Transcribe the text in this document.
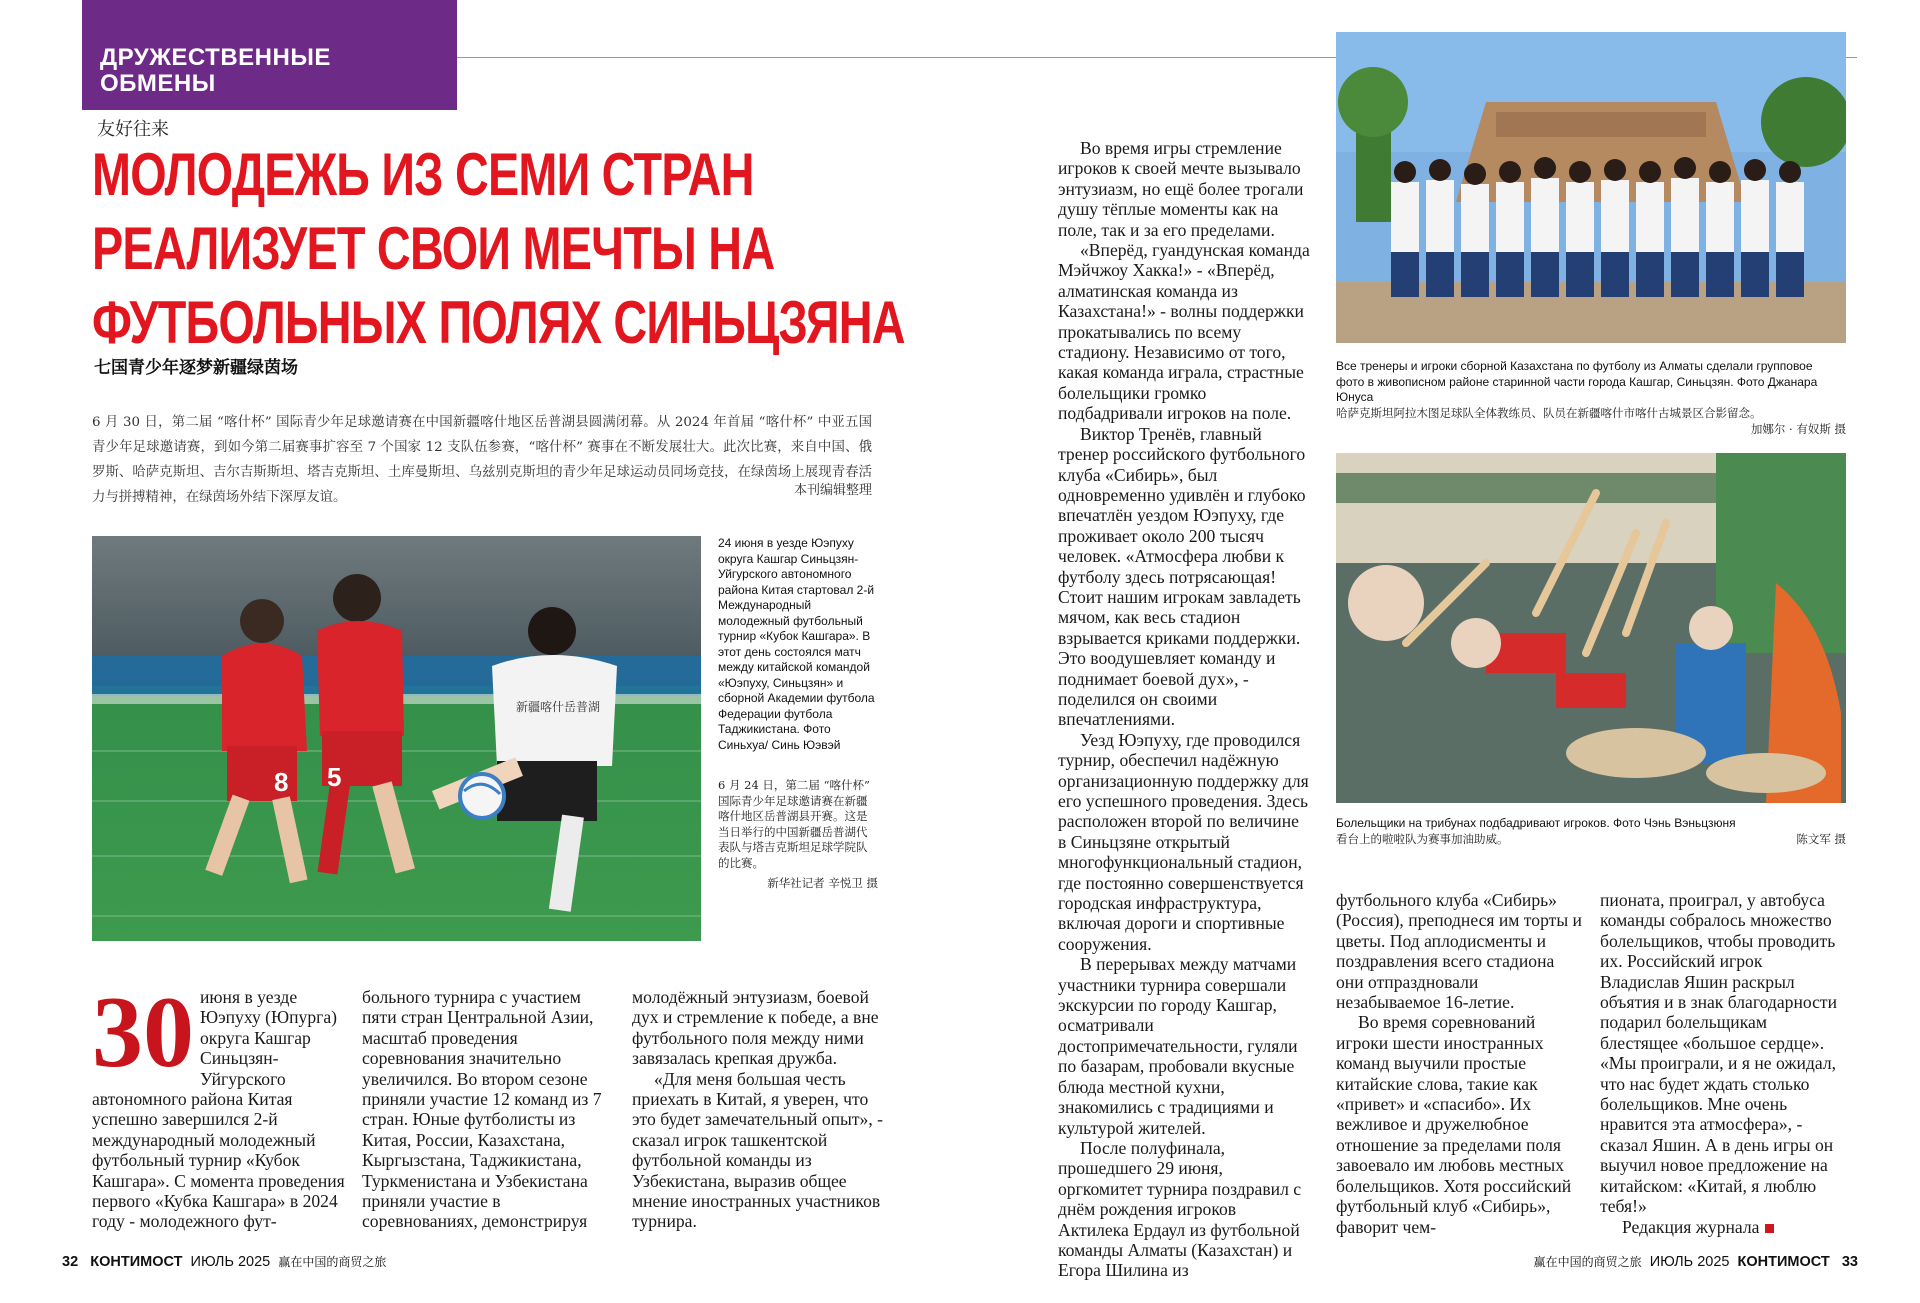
ДРУЖЕСТВЕННЫЕ
ОБМЕНЫ
友好往来
МОЛОДЕЖЬ ИЗ СЕМИ СТРАН
РЕАЛИЗУЕТ СВОИ МЕЧТЫ НА
ФУТБОЛЬНЫХ ПОЛЯХ СИНЬЦЗЯНА
七国青少年逐梦新疆绿茵场
6 月 30 日，第二届 “喀什杯” 国际青少年足球邀请赛在中国新疆喀什地区岳普湖县圆满闭幕。从 2024 年首届 “喀什杯” 中亚五国青少年足球邀请赛，到如今第二届赛事扩容至 7 个国家 12 支队伍参赛，“喀什杯” 赛事在不断发展壮大。此次比赛，来自中国、俄罗斯、哈萨克斯坦、吉尔吉斯斯坦、塔吉克斯坦、土库曼斯坦、乌兹别克斯坦的青少年足球运动员同场竞技，在绿茵场上展现青春活力与拼搏精神，在绿茵场外结下深厚友谊。	本刊编辑整理
8 5
新疆喀什岳普湖
24 июня в уезде Юэпуху округа Кашгар Синьцзян-Уйгурского автономного района Китая стартовал 2-й Международный молодежный футбольный турнир «Кубок Кашгара». В этот день состоялся матч между китайской командой «Юэпуху, Синьцзян» и сборной Академии футбола Федерации футбола Таджикистана. Фото Синьхуа/ Синь Юэвэй
6 月 24 日，第二届 “喀什杯” 国际青少年足球邀请赛在新疆喀什地区岳普湖县开赛。这是当日举行的中国新疆岳普湖代表队与塔吉克斯坦足球学院队的比赛。
新华社记者 辛悦卫 摄
Все тренеры и игроки сборной Казахстана по футболу из Алматы сделали групповое фото в живописном районе старинной части города Кашгар, Синьцзян. Фото Джанара Юнуса
哈萨克斯坦阿拉木图足球队全体教练员、队员在新疆喀什市喀什古城景区合影留念。
加娜尔 · 有奴斯 摄
Болельщики на трибунах подбадривают игроков. Фото Чэнь Вэньцзюня
看台上的啦啦队为赛事加油助威。	陈文军 摄

30 июня в уезде Юэпуху (Юпурга) округа Кашгар Синьцзян-Уйгурского автономного района Китая успешно завершился 2-й международный молодежный футбольный турнир «Кубок Кашгара». С момента проведения первого «Кубка Кашгара» в 2024 году - молодежного фут-

больного турнира с участием пяти стран Центральной Азии, масштаб проведения соревнования значительно увеличился. Во втором сезоне приняли участие 12 команд из 7 стран. Юные футболисты из Китая, России, Казахстана, Кыргызстана, Таджикистана, Туркменистана и Узбекистана приняли участие в соревнованиях, демонстрируя

молодёжный энтузиазм, боевой дух и стремление к победе, а вне футбольного поля между ними завязалась крепкая дружба.

«Для меня большая честь приехать в Китай, я уверен, что это будет замечательный опыт», - сказал игрок ташкентской футбольной команды из Узбекистана, выразив общее мнение иностранных участников турнира.

Во время игры стремление игроков к своей мечте вызывало энтузиазм, но ещё более трогали душу тёплые моменты как на поле, так и за его пределами.

«Вперёд, гуандунская команда Мэйчжоу Хакка!» - «Вперёд, алматинская команда из Казахстана!» - волны поддержки прокатывались по всему стадиону. Независимо от того, какая команда играла, страстные болельщики громко подбадривали игроков на поле.

Виктор Тренёв, главный тренер российского футбольного клуба «Сибирь», был одновременно удивлён и глубоко впечатлён уездом Юэпуху, где проживает около 200 тысяч человек. «Атмосфера любви к футболу здесь потрясающая! Стоит нашим игрокам завладеть мячом, как весь стадион взрывается криками поддержки. Это воодушевляет команду и поднимает боевой дух», - поделился он своими впечатлениями.

Уезд Юэпуху, где проводился турнир, обеспечил надёжную организационную поддержку для его успешного проведения. Здесь расположен второй по величине в Синьцзяне открытый многофункциональный стадион, где постоянно совершенствуется городская инфраструктура, включая дороги и спортивные сооружения.

В перерывах между матчами участники турнира совершали экскурсии по городу Кашгар, осматривали достопримечательности, гуляли по базарам, пробовали вкусные блюда местной кухни, знакомились с традициями и культурой жителей.

После полуфинала, прошедшего 29 июня, оргкомитет турнира поздравил с днём рождения игроков Актилека Ердаул из футбольной команды Алматы (Казахстан) и Егора Шилина из

футбольного клуба «Сибирь» (Россия), преподнеся им торты и цветы. Под аплодисменты и поздравления всего стадиона они отпраздновали незабываемое 16-летие.

Во время соревнований игроки шести иностранных команд выучили простые китайские слова, такие как «привет» и «спасибо». Их вежливое и дружелюбное отношение за пределами поля завоевало им любовь местных болельщиков. Хотя российский футбольный клуб «Сибирь», фаворит чем-

пионата, проиграл, у автобуса команды собралось множество болельщиков, чтобы проводить их. Российский игрок Владислав Яшин раскрыл объятия и в знак благодарности подарил болельщикам блестящее «большое сердце». «Мы проиграли, и я не ожидал, что нас будет ждать столько болельщиков. Мне очень нравится эта атмосфера», - сказал Яшин. А в день игры он выучил новое предложение на китайском: «Китай, я люблю тебя!»

Редакция журнала

32 КОНТИМОСТ ИЮЛЬ 2025 赢在中国的商贸之旅	赢在中国的商贸之旅 ИЮЛЬ 2025 КОНТИМОСТ 33
